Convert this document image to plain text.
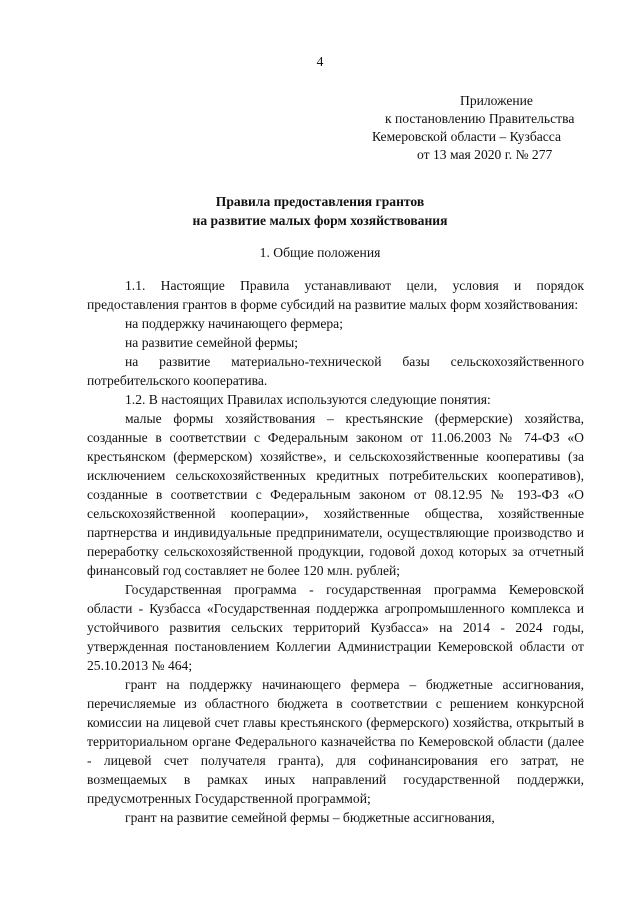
4
Приложение
к постановлению Правительства
Кемеровской области – Кузбасса
от 13 мая 2020 г. № 277
Правила предоставления грантов
на развитие малых форм хозяйствования
1. Общие положения

1.1. Настоящие Правила устанавливают цели, условия и порядок предоставления грантов в форме субсидий на развитие малых форм хозяйствования:

на поддержку начинающего фермера;

на развитие семейной фермы;

на развитие материально-технической базы сельскохозяйственного потребительского кооператива.

1.2. В настоящих Правилах используются следующие понятия:

малые формы хозяйствования – крестьянские (фермерские) хозяйства, созданные в соответствии с Федеральным законом от 11.06.2003 № 74-ФЗ «О крестьянском (фермерском) хозяйстве», и сельскохозяйственные кооперативы (за исключением сельскохозяйственных кредитных потребительских кооперативов), созданные в соответствии с Федеральным законом от 08.12.95 № 193-ФЗ «О сельскохозяйственной кооперации», хозяйственные общества, хозяйственные партнерства и индивидуальные предприниматели, осуществляющие производство и переработку сельскохозяйственной продукции, годовой доход которых за отчетный финансовый год составляет не более 120 млн. рублей;

Государственная программа - государственная программа Кемеровской области - Кузбасса «Государственная поддержка агропромышленного комплекса и устойчивого развития сельских территорий Кузбасса» на 2014 - 2024 годы, утвержденная постановлением Коллегии Администрации Кемеровской области от 25.10.2013 № 464;

грант на поддержку начинающего фермера – бюджетные ассигнования, перечисляемые из областного бюджета в соответствии с решением конкурсной комиссии на лицевой счет главы крестьянского (фермерского) хозяйства, открытый в территориальном органе Федерального казначейства по Кемеровской области (далее - лицевой счет получателя гранта), для софинансирования его затрат, не возмещаемых в рамках иных направлений государственной поддержки, предусмотренных Государственной программой;

грант на развитие семейной фермы – бюджетные ассигнования,
